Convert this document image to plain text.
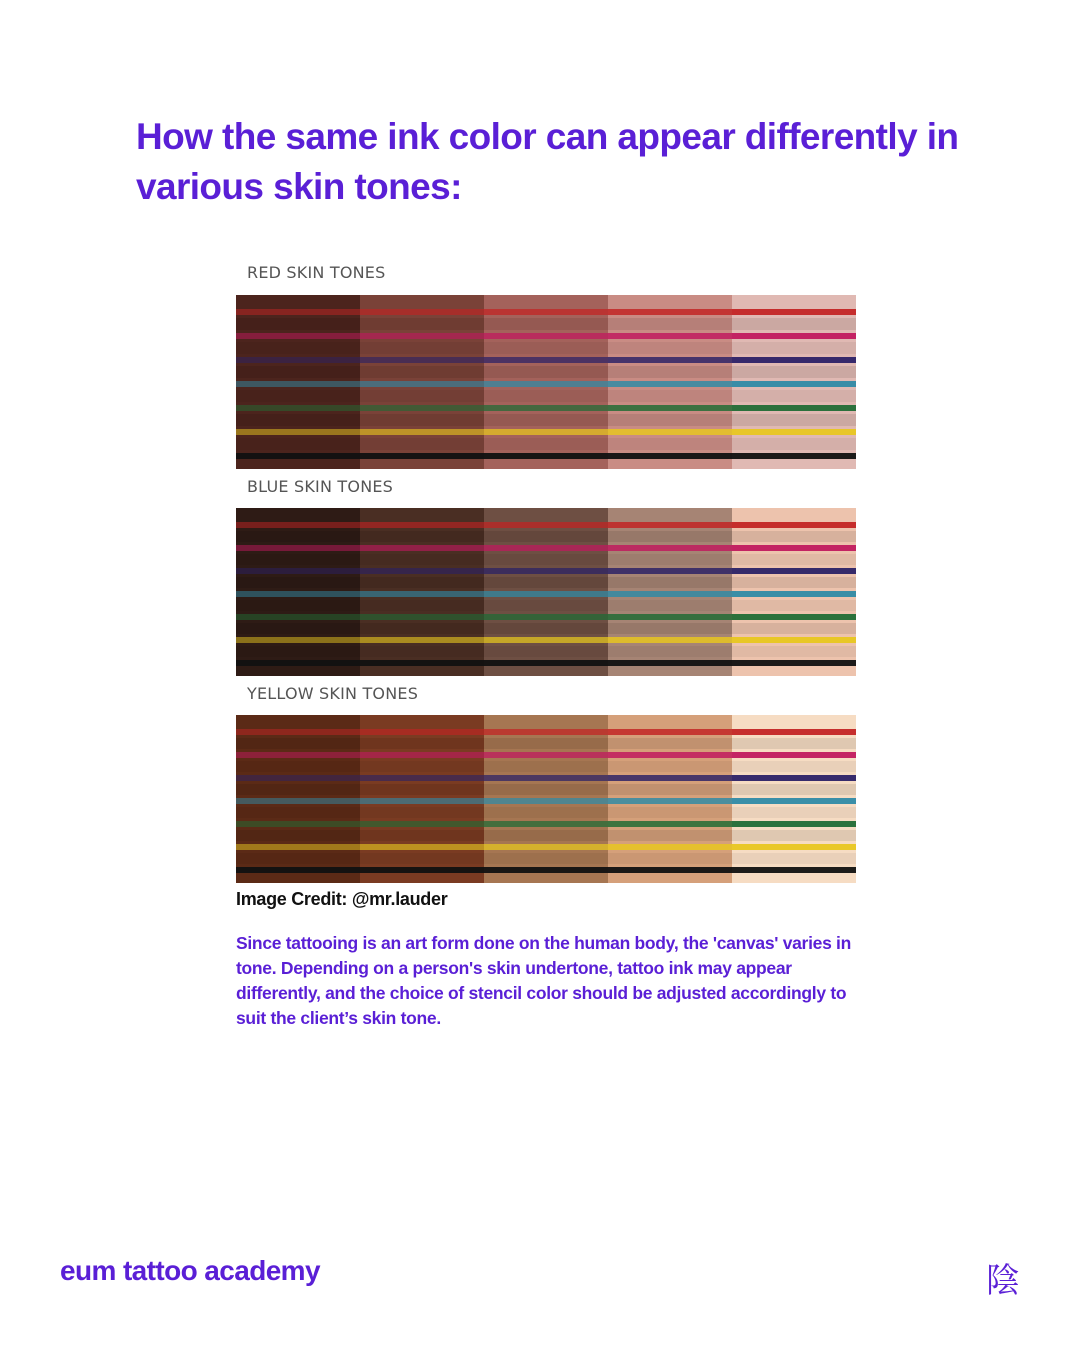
How the same ink color can appear differently in various skin tones:

RED SKIN TONES

BLUE SKIN TONES

YELLOW SKIN TONES

Image Credit: @mr.lauder

Since tattooing is an art form done on the human body, the 'canvas' varies in tone. Depending on a person's skin undertone, tattoo ink may appear differently, and the choice of stencil color should be adjusted accordingly to suit the client’s skin tone.

eum tattoo academy	陰
